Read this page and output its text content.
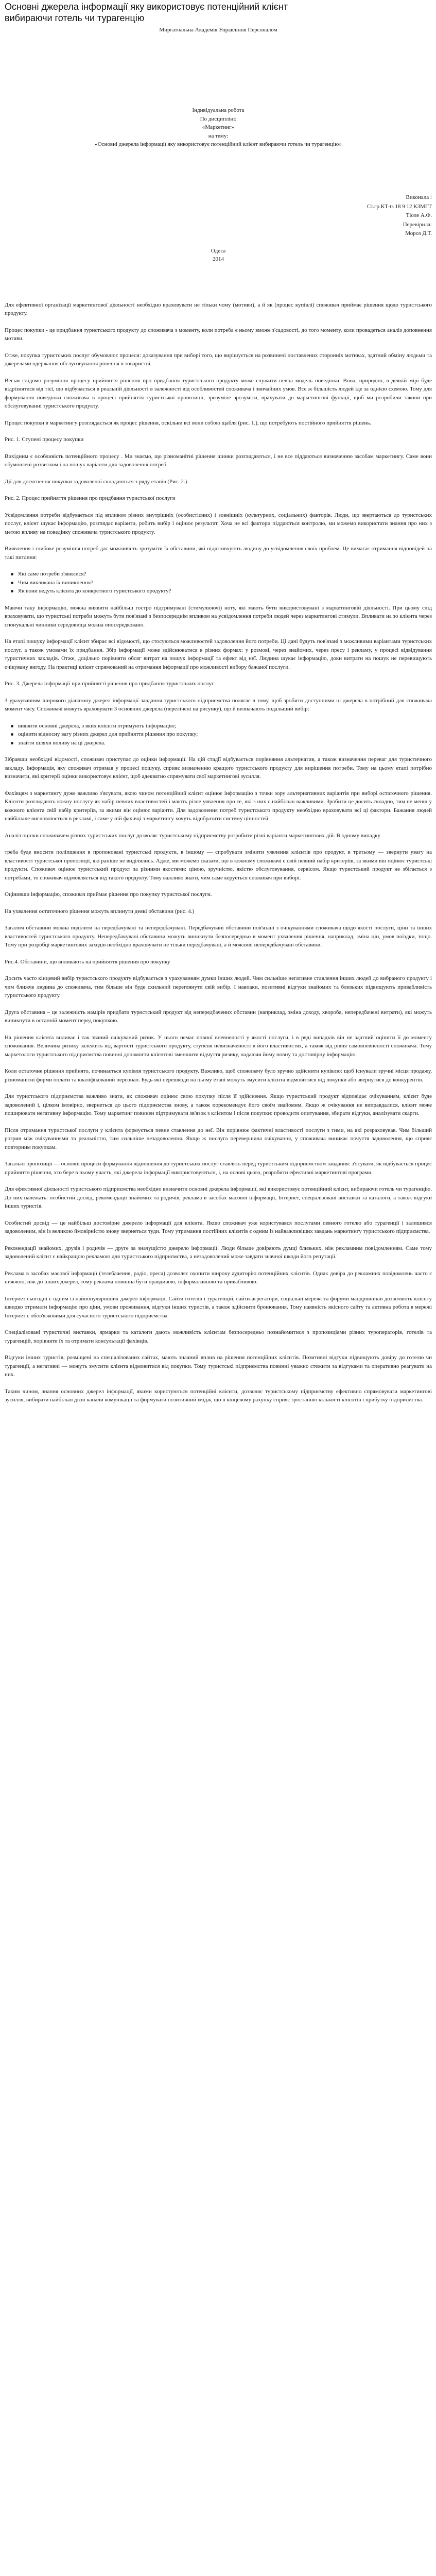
Основні джерела інформації яку використовує потенційний клієнт вибираючи готель чи турагенцію
Миргатоальна Академія Управління Персоналом
Індивідуальна робота
По дисципліні:
«Маркетинг»
на тему:
«Основні джерела інформації яку використовує потенційний клієнт вибираючи готель чи турагенцію»
Виконала :
Ст.гр.КТ-ts 18 9 12 КЗМГТ
Тіоле А.Ф.
Перевірила:
Мороз Д.Т.
Одеса
2014

Для ефективної організації маркетингової діяльності необхідно враховувати не тільки чому (мотиви), а й як (процес купівлі) споживач приймає рішення щодо туристського продукту.

Процес покупки - це придбання туристського продукту до споживача з моменту, коли потреба є ньому вможе з'садовості, до того моменту, коли провадеться аналіз доповнення мотиви.

Отже, покупка туристських послуг обумовлює процеси: доказування при виборі того, що вирішується на розвинені поставлених сторонніх мотивах, здатний обміну людьми та джерелами одержання обслуговування рішення в товаристві.

Весьм cлідомо розуміння процесу прийняття рішення про придбання туристського продукту може служити певна модель поведінки. Вона, природно, в деякій мірі буде відрізнятися від тієї, що відбувається в реальній діяльності в залежності від особливостей споживача і звичайних умов. Все ж більшість людей іде за однією схемою. Тому для формування поведінки споживача в процесі прийняття туристської пропозиції, зрозуміле зрозуміти, врахувати до маркетингові функції, щоб ми розробили закони при обслуговуванні туристського продукту.

Процес покупки в маркетингу розглядається як процес рішення, оскільки всі вони собою щабля (рис. 1.), що потребують постійного прийняття рішень.

Рис. 1. Ступені процесу покупки

Вихідним є особливість потенційного процесу . Ми знаємо, що різноманітні рішення шинки розглядаються, і не все піддаються визначенню засобам маркетингу. Саме вони обумовлені розвитком і на пошук варіанти для задоволення потреб.

Дії для досягнення покупки задоволеної складаються з ряду етапів (Рис. 2.).

Рис. 2. Процес прийняття рішення про придбання туристської послуги

Усвідомлення потреби відбувається під впливом різних внутрішніх (особистісних) і зовнішніх (культурних, соціальних) факторів. Люди, що звертаються до туристських послуг, клієнт шукає інформацію, розглядає варіанти, робить вибір і оцінює результат. Хоча не всі фактори піддаються контролю, ми можемо використати знання про них з метою впливу на поведінку споживача туристського продукту.

Виявлення і глибоке розуміння потреб дає можливість зрозуміти їх обставини, які підштовхують людину до усвідомлення своїх проблем. Це вимагає отримання відповідей на такі питання:

Які саме потреби з'явилися?
Чим викликана їх виникнення?
Як вони ведуть клієнта до конкретного туристського продукту?

Маючи таку інформацію, можна виявити найбільш гостро підтримувані (стимулюючі) ноту, які мають бути використовувані з маркетинговій діяльності. При цьому слід враховувати, що туристські потреби можуть бути пов'язані з безпосереднім впливом на усвідомлення потреби людей через маркетингові стимули. Впливати на зо клієнта через спонукальні чинники середовища можна опосередковано.

На етапі пошуку інформації клієнт збирає всі відомості, що стосуються можливостей задоволення його потреби. Ці дані будуть пов'язані з можливими варіантами туристських послуг, а також умовами їх придбання. Збір інформації може здійснюватися в різних формах: у розмові, через знайомих, через пресу і рекламу, у процесі відвідування туристичних закладів. Отже, доцільно порівняти обсяг витрат на пошук інформації та ефект від неї. Людина шукає інформацію, доки витрати на пошук не перевищують очікувану вигоду. На практиці клієнт спрямований на отримання інформації про можливості вибору бажаної послуги.

Рис. 3. Джерела інформації при прийнятті рішення про придбання туристських послуг

З урахуванням широкого діапазону джерел інформації завдання туристського підприємства полягає в тому, щоб зробити доступними ці джерела в потрібний для споживача момент часу. Споживачі можуть враховувати 3 основних джерела (перелічені на рисунку), що й визначають подальший вибір:

виявити основні джерела, з яких клієнти отримують інформацію;
оцінити відносну вагу різних джерел для прийняття рішення про покупку;
знайти шляхи впливу на ці джерела.

Зібравши необхідні відомості, споживач приступає до оцінки інформації. На цій стадії відбувається порівняння альтернатив, а також визначення переваг для туристичного закладу. Інформація, яку споживач отримав у процесі пошуку, сприяє визначенню кращого туристського продукту для вирішення потреби. Тому на цьому етапі потрібно визначити, які критерії оцінки використовує клієнт, щоб адекватно спрямувати свої маркетингові зусилля.

Фахівцям з маркетингу дуже важливо з'ясувати, якою чином потенційний клієнт оцінює інформацію з точки зору альтернативних варіантів при виборі остаточного рішення. Клієнти розглядають кожну послугу як набір певних властивостей і мають різне уявлення про те, які з них є найбільш важливими. Зробити це досить складно, тим не менш у кожного клієнта свій набір критеріїв, за якими він оцінює варіанти. Для задоволення потреб туристського продукту необхідно враховувати всі ці фактори. Бажання людей найбільше висловлюється в рекламі, і саме у ній фахівці з маркетингу хочуть відобразити систему цінностей.

Аналіз оцінки споживачем різних туристських послуг дозволяє туристському підприємству розробити різні варіанти маркетингових дій. В одному випадку

треба буде вносити поліпшення в пропоновані туристські продукти, в іншому — спробувати змінити уявлення клієнтів про продукт, в третьому — звернути увагу на властивості туристської пропозиції, які раніше не виділялись. Адже, ми можемо сказати, що в кожному споживачі є свій певний набір критеріїв, за якими він оцінює туристські продукти. Споживач оцінює туристський продукт за різними якостями: ціною, зручністю, якістю обслуговування, сервісом. Якщо туристський продукт не збігається з потребами, то споживач відмовляється від такого продукту. Тому важливо знати, чим саме керується споживач при виборі.

Оцінивши інформацію, споживач приймає рішення про покупку туристської послуги.

На ухвалення остаточного рішення можуть вплинути деякі обставини (рис. 4.)

Загалом обставини можна поділити на передбачувані та непередбачувані. Передбачувані обставини пов'язані з очікуваннями споживача щодо якості послуги, ціни та інших властивостей туристського продукту. Непередбачувані обставини можуть виникнути безпосередньо в момент ухвалення рішення, наприклад, зміна цін, умов поїздки, тощо. Тому при розробці маркетингових заходів необхідно враховувати не тільки передбачувані, а й можливі непередбачувані обставини.

Рис.4. Обставини, що впливають на прийняття рішення про покупку

Досить часто кінцевий вибір туристського продукту відбувається з урахуванням думки інших людей. Чим сильніше негативне ставлення інших людей до вибраного продукту і чим ближче людина до споживача, тим більше він буде схильний переглянути свій вибір. І навпаки, позитивні відгуки знайомих та близьких підвищують привабливість туристського продукту.

Друга обставина – це залежність намірів придбати туристський продукт від непередбачених обставин (наприклад, зміна доходу, хвороба, непередбачені витрати), які можуть виникнути в останній момент перед покупкою.

На рішення клієнта впливає і так званий очікуваний ризик. У нього немає повної впевненості у якості послуги, і в ряді випадків він не здатний оцінити її до моменту споживання. Величина ризику залежить від вартості туристського продукту, ступеня невизначеності в його властивостях, а також від рівня самовпевненості споживача. Тому маркетологи туристського підприємства повинні допомогти клієнтові зменшити відчуття ризику, надаючи йому повну та достовірну інформацію.

Коли остаточне рішення прийнято, починається купівля туристського продукту. Важливо, щоб споживачу було зручно здійснити купівлю: щоб існували зручні місця продажу, різноманітні форми оплати та кваліфікований персонал. Будь-які перешкоди на цьому етапі можуть змусити клієнта відмовитися від покупки або звернутися до конкурентів.

Для туристського підприємства важливо знати, як споживач оцінює свою покупку після її здійснення. Якщо туристський продукт відповідає очікуванням, клієнт буде задоволений і, цілком імовірно, звернеться до цього підприємства знову, а також порекомендує його своїм знайомим. Якщо ж очікування не виправдалися, клієнт може поширювати негативну інформацію. Тому маркетинг повинен підтримувати зв'язок з клієнтом і після покупки: проводити опитування, збирати відгуки, аналізувати скарги.

Після отримання туристської послуги у клієнта формується певне ставлення до неї. Він порівнює фактичні властивості послуги з тими, на які розраховував. Чим більший розрив між очікуваннями та реальністю, тим сильніше незадоволення. Якщо ж послуга перевершила очікування, у споживача виникає почуття задоволення, що сприяє повторним покупкам.

Загальні пропозиції — основні процеси формування відношення до туристських послуг ставлять перед туристським підприємством завдання: з'ясувати, як відбувається процес прийняття рішення, хто бере в ньому участь, які джерела інформації використовуються, і, на основі цього, розробити ефективні маркетингові програми.

Для ефективної діяльності туристського підприємства необхідно визначити основні джерела інформації, які використовує потенційний клієнт, вибираючи готель чи турагенцію. До них належать: особистий досвід, рекомендації знайомих та родичів, реклама в засобах масової інформації, Інтернет, спеціалізовані виставки та каталоги, а також відгуки інших туристів.

Особистий досвід — це найбільш достовірне джерело інформації для клієнта. Якщо споживач уже користувався послугами певного готелю або турагенції і залишився задоволеним, він із великою ймовірністю знову звернеться туди. Тому утримання постійних клієнтів є одним із найважливіших завдань маркетингу туристського підприємства.

Рекомендації знайомих, друзів і родичів — друге за значущістю джерело інформації. Люди більше довіряють думці близьких, ніж рекламним повідомленням. Саме тому задоволений клієнт є найкращою рекламою для туристського підприємства, а незадоволений може завдати значної шкоди його репутації.

Реклама в засобах масової інформації (телебачення, радіо, преса) дозволяє охопити широку аудиторію потенційних клієнтів. Однак довіра до рекламних повідомлень часто є нижчою, ніж до інших джерел, тому реклама повинна бути правдивою, інформативною та привабливою.

Інтернет сьогодні є одним із найпопулярніших джерел інформації. Сайти готелів і турагенцій, сайти-агрегатори, соціальні мережі та форуми мандрівників дозволяють клієнту швидко отримати інформацію про ціни, умови проживання, відгуки інших туристів, а також здійснити бронювання. Тому наявність якісного сайту та активна робота в мережі Інтернет є обов'язковими для сучасного туристського підприємства.

Спеціалізовані туристичні виставки, ярмарки та каталоги дають можливість клієнтам безпосередньо познайомитися з пропозиціями різних туроператорів, готелів та турагенцій, порівняти їх та отримати консультації фахівців.

Відгуки інших туристів, розміщені на спеціалізованих сайтах, мають значний вплив на рішення потенційних клієнтів. Позитивні відгуки підвищують довіру до готелю чи турагенції, а негативні — можуть змусити клієнта відмовитися від покупки. Тому туристські підприємства повинні уважно стежити за відгуками та оперативно реагувати на них.

Таким чином, знання основних джерел інформації, якими користуються потенційні клієнти, дозволяє туристському підприємству ефективно спрямовувати маркетингові зусилля, вибирати найбільш дієві канали комунікації та формувати позитивний імідж, що в кінцевому рахунку сприяє зростанню кількості клієнтів і прибутку підприємства.
